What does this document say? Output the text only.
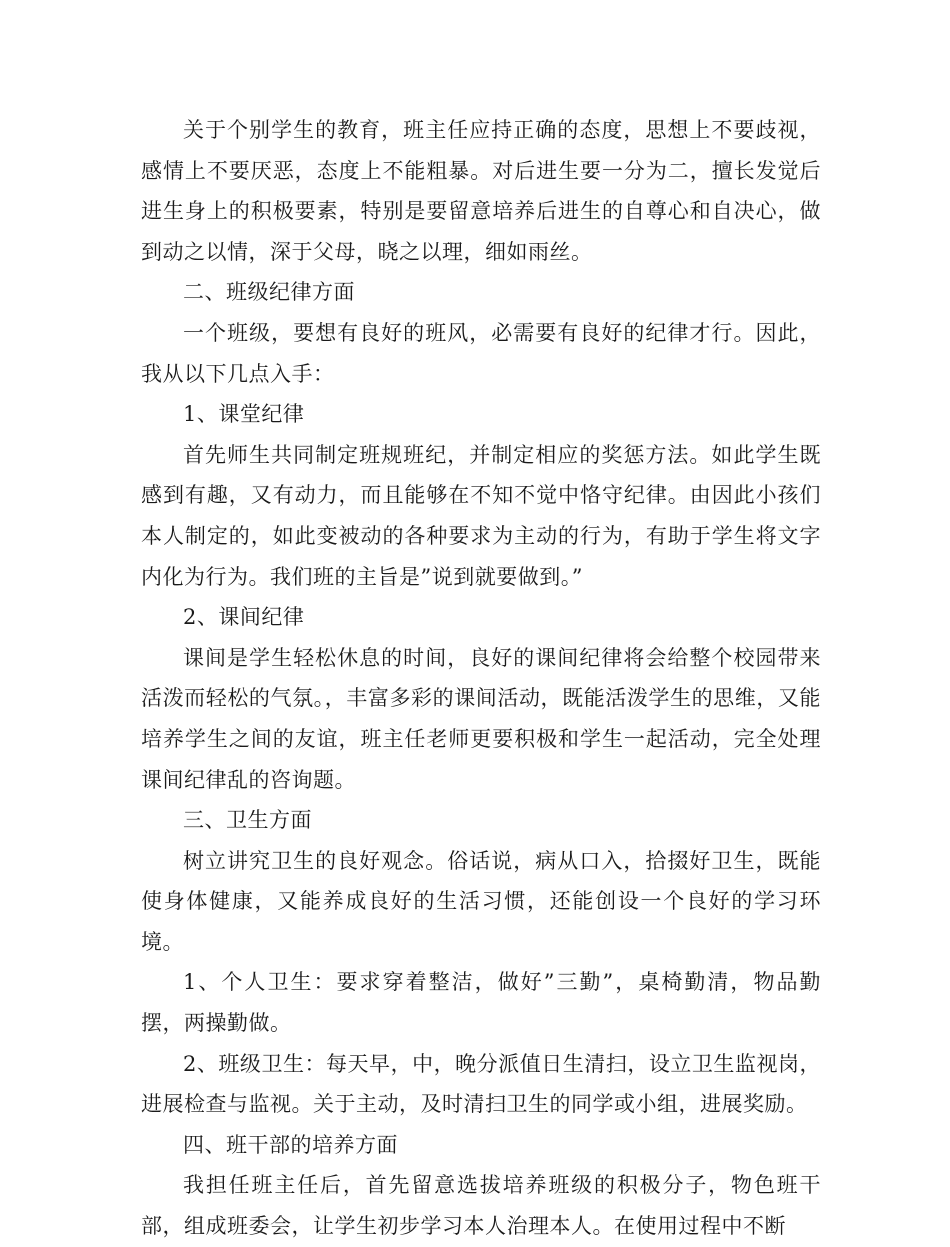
关于个别学生的教育，班主任应持正确的态度，思想上不要歧视，感情上不要厌恶，态度上不能粗暴。对后进生要一分为二，擅长发觉后进生身上的积极要素，特别是要留意培养后进生的自尊心和自决心，做到动之以情，深于父母，晓之以理，细如雨丝。

二、班级纪律方面

一个班级，要想有良好的班风，必需要有良好的纪律才行。因此，我从以下几点入手：

1、课堂纪律

首先师生共同制定班规班纪，并制定相应的奖惩方法。如此学生既感到有趣，又有动力，而且能够在不知不觉中恪守纪律。由因此小孩们本人制定的，如此变被动的各种要求为主动的行为，有助于学生将文字内化为行为。我们班的主旨是”说到就要做到。”

2、课间纪律

课间是学生轻松休息的时间，良好的课间纪律将会给整个校园带来活泼而轻松的气氛。，丰富多彩的课间活动，既能活泼学生的思维，又能培养学生之间的友谊，班主任老师更要积极和学生一起活动，完全处理课间纪律乱的咨询题。

三、卫生方面

树立讲究卫生的良好观念。俗话说，病从口入，拾掇好卫生，既能使身体健康，又能养成良好的生活习惯，还能创设一个良好的学习环境。

1、个人卫生：要求穿着整洁，做好”三勤”，桌椅勤清，物品勤摆，两操勤做。

2、班级卫生：每天早，中，晚分派值日生清扫，设立卫生监视岗，进展检查与监视。关于主动，及时清扫卫生的同学或小组，进展奖励。

四、班干部的培养方面

我担任班主任后，首先留意选拔培养班级的积极分子，物色班干部，组成班委会，让学生初步学习本人治理本人。在使用过程中不断
